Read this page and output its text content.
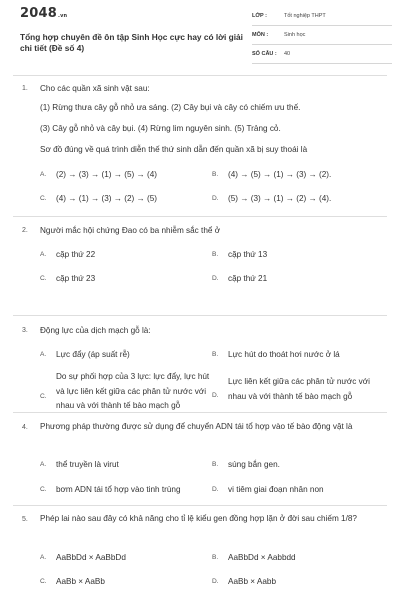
2048.vn
Tổng hợp chuyên đề ôn tập Sinh Học cực hay có lời giải chi tiết (Đề số 4)
LỚP :	Tốt nghiệp THPT
MÔN :	Sinh học
SỐ CÂU : 40
1. Cho các quần xã sinh vật sau:
(1) Rừng thưa cây gỗ nhỏ ưa sáng. (2) Cây bụi và cây có chiếm ưu thế.
(3) Cây gỗ nhỏ và cây bụi. (4) Rừng lim nguyên sinh. (5) Trảng cỏ.
Sơ đồ đúng về quá trình diễn thế thứ sinh dẫn đến quần xã bị suy thoái là
A. (2) → (3) → (1) → (5) → (4)	B. (4) → (5) → (1) → (3) → (2).
C. (4) → (1) → (3) → (2) → (5)	D. (5) → (3) → (1) → (2) → (4).
2. Người mắc hội chứng Đao có ba nhiễm sắc thể ở
A. cặp thứ 22	B. cặp thứ 13
C. cặp thứ 23	D. cặp thứ 21
3. Động lực của dịch mạch gỗ là:
A. Lực đẩy (áp suất rễ)	B. Lực hút do thoát hơi nước ở lá
C.
Do sự phối hợp của 3 lực: lực đẩy, lực hút và lực liên kết giữa các phân tử nước với nhau và với thành tế bào mạch gỗ
D.
Lực liên kết giữa các phân tử nước với nhau và với thành tế bào mạch gỗ
4. Phương pháp thường được sử dụng để chuyển ADN tái tổ hợp vào tế bào động vật là
A. thể truyền là virut	B. súng bắn gen.
C. bơm ADN tái tổ hợp vào tinh trùng	D. vi tiêm giai đoạn nhân non
5. Phép lai nào sau đây có khả năng cho tỉ lệ kiểu gen đồng hợp lặn ở đời sau chiếm 1/8?
A. AaBbDd × AaBbDd	B. AaBbDd × Aabbdd
C. AaBb × AaBb	D. AaBb × Aabb
